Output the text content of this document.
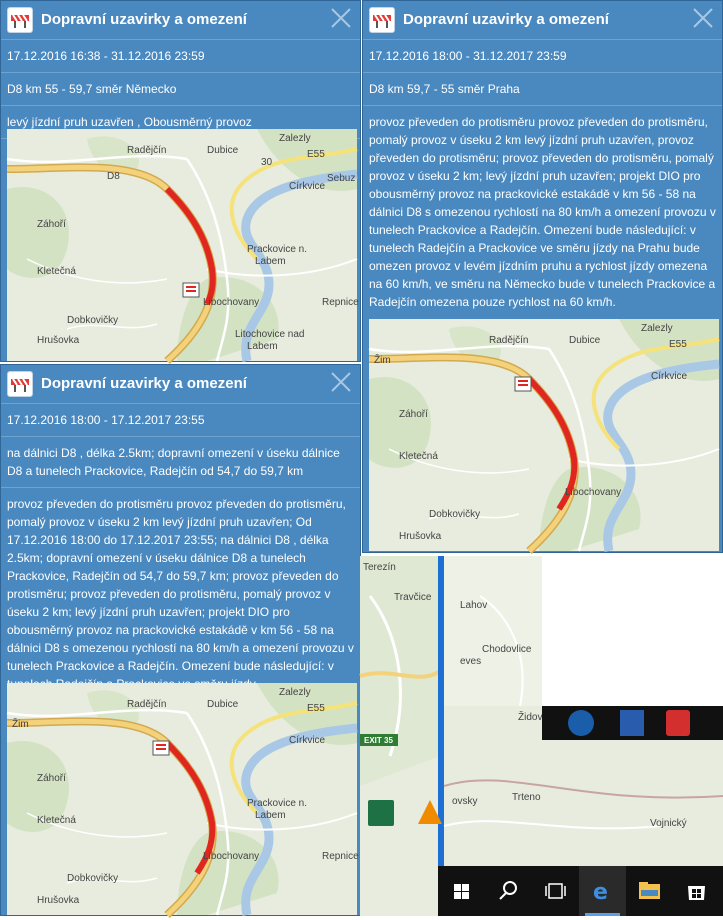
Dopravní uzavirky a omezení
17.12.2016 16:38 - 31.12.2016 23:59
D8 km 55 - 59,7 směr Německo
levý jízdní pruh uzavřen , Obousměrný provoz
Radějčín	Dubice
Zalezly
E55
Sebuz
Církvice
Záhoří
Kletečná
Prackovice n.
Labem
Libochovany	Repnice
Dobkovičky
Hrušovka
Litochovice nad
Labem
D8
30
Dopravní uzavirky a omezení
17.12.2016 18:00 - 31.12.2017 23:59
D8 km 59,7 - 55 směr Praha
provoz převeden do protisměru provoz převeden do protisměru, pomalý provoz v úseku 2 km levý jízdní pruh uzavřen, provoz převeden do protisměru; provoz převeden do protisměru, pomalý provoz v úseku 2 km; levý jízdní pruh uzavřen; projekt DIO pro obousměrný provoz na prackovické estakádě v km 56 - 58 na dálnici D8 s omezenou rychlostí na 80 km/h a omezení provozu v tunelech Prackovice a Radejčín. Omezení bude následující: v tunelech Radejčín a Prackovice ve směru jízdy na Prahu bude omezen provoz v levém jízdním pruhu a rychlost jízdy omezena na 60 km/h, ve směru na Německo bude v tunelech Prackovice a Radejčín omezena pouze rychlost na 60 km/h.
Radějčín	Dubice
Zalezly
E55
Církvice
Žim
Záhoří
Kletečná
Libochovany
Dobkovičky
Hrušovka
Dopravní uzavirky a omezení
17.12.2016 18:00 - 17.12.2017 23:55
na dálnici D8 , délka 2.5km; dopravní omezení v úseku dálnice D8 a tunelech Prackovice, Radejčín od 54,7 do 59,7 km
provoz převeden do protisměru provoz převeden do protisměru, pomalý provoz v úseku 2 km levý jízdní pruh uzavřen; Od 17.12.2016 18:00 do 17.12.2017 23:55; na dálnici D8 , délka 2.5km; dopravní omezení v úseku dálnice D8 a tunelech Prackovice, Radejčín od 54,7 do 59,7 km; provoz převeden do protisměru; provoz převeden do protisměru, pomalý provoz v úseku 2 km; levý jízdní pruh uzavřen; projekt DIO pro obousměrný provoz na prackovické estakádě v km 56 - 58 na dálnici D8 s omezenou rychlostí na 80 km/h a omezení provozu v tunelech Prackovice a Radejčín. Omezení bude následující: v
Radějčín	Dubice
Zalezly
E55
Církvice
Žim
Záhoří
Kletečná
Prackovice n.
Labem
Libochovany	Repnice
Dobkovičky
Hrušovka
Terezín
Travčice
Lahov
Chodovlice
eves
Židov
Vojnický
Trteno
ovsky
EXIT 35
e
